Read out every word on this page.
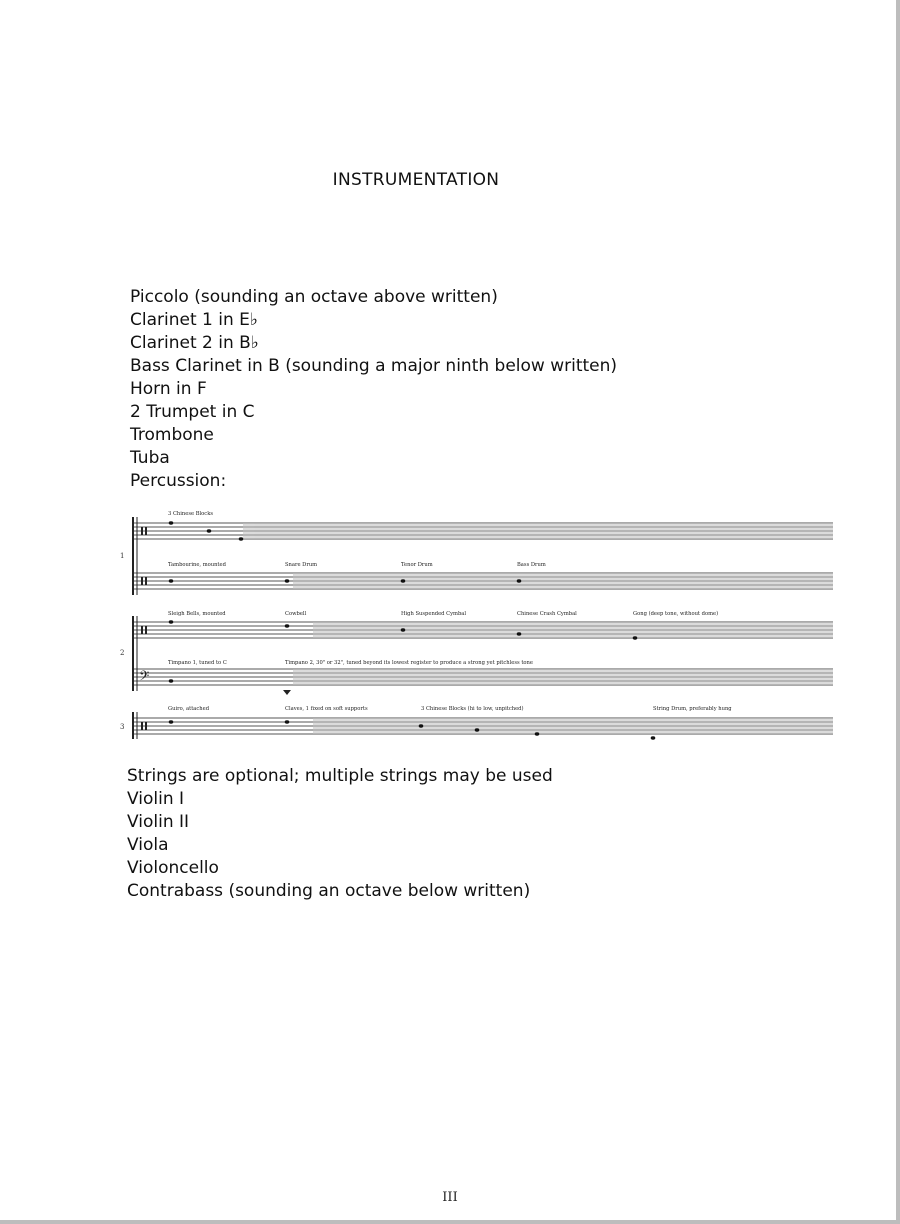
INSTRUMENTATION
Piccolo (sounding an octave above written)
Clarinet 1 in E♭
Clarinet 2 in B♭
Bass Clarinet in B (sounding a major ninth below written)
Horn in F
2 Trumpet in C
Trombone
Tuba
Percussion:
1
2
3
𝄢
3 Chinese Blocks
Tambourine, mounted	Snare Drum	Tenor Drum	Bass Drum
Sleigh Bells, mounted	Cowbell	High Suspended Cymbal	Chinese Crash Cymbal	Gong (deep tone, without dome)
Timpano 1, tuned to C	Timpano 2, 30" or 32", tuned beyond its lowest register to produce a strong yet pitchless tone
Guiro, attached	Claves, 1 fixed on soft supports	3 Chinese Blocks (hi to low, unpitched)	String Drum, preferably hung
Strings are optional; multiple strings may be used
Violin I
Violin II
Viola
Violoncello
Contrabass (sounding an octave below written)
III
